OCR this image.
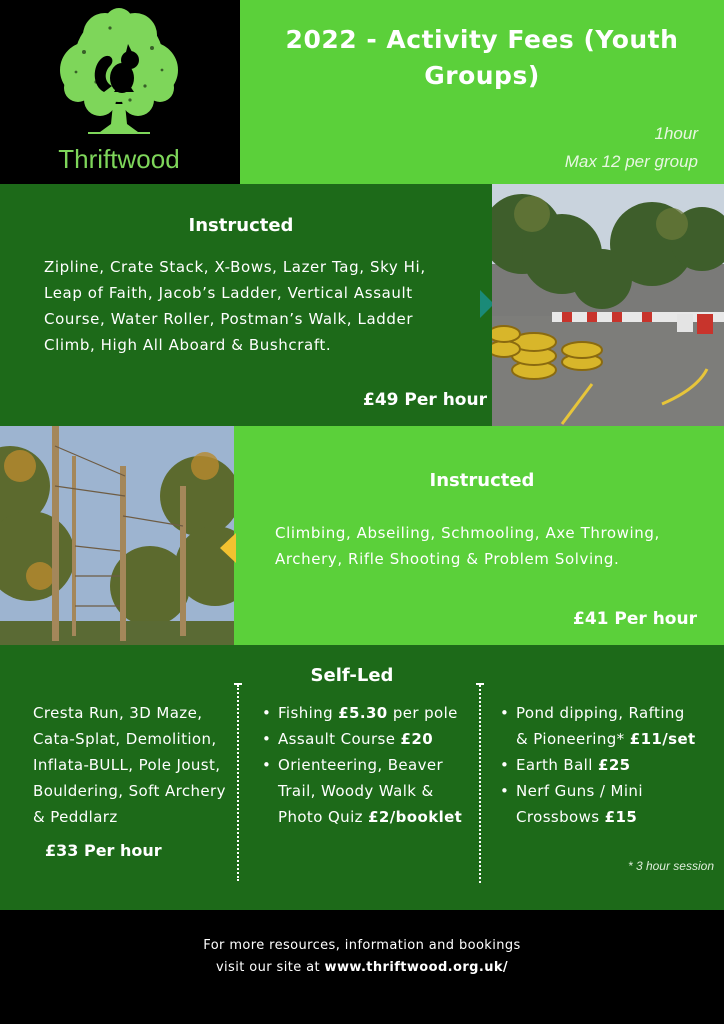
Thriftwood
2022 - Activity Fees (Youth Groups)
1hour
Max 12 per group
Instructed
Zipline, Crate Stack, X-Bows, Lazer Tag, Sky Hi, Leap of Faith, Jacob’s Ladder, Vertical Assault Course, Water Roller, Postman’s Walk, Ladder Climb, High All Aboard & Bushcraft.
£49 Per hour
Instructed
Climbing, Abseiling, Schmooling, Axe Throwing, Archery, Rifle Shooting & Problem Solving.
£41 Per hour
Self-Led
Cresta Run, 3D Maze, Cata-Splat, Demolition, Inflata-BULL, Pole Joust, Bouldering, Soft Archery & Peddlarz
£33 Per hour
• Fishing £5.30 per pole
• Assault Course £20
• Orienteering, Beaver Trail, Woody Walk & Photo Quiz £2/booklet
• Pond dipping, Rafting & Pioneering* £11/set
• Earth Ball £25
• Nerf Guns / Mini Crossbows £15
* 3 hour session
For more resources, information and bookings
visit our site at www.thriftwood.org.uk/
